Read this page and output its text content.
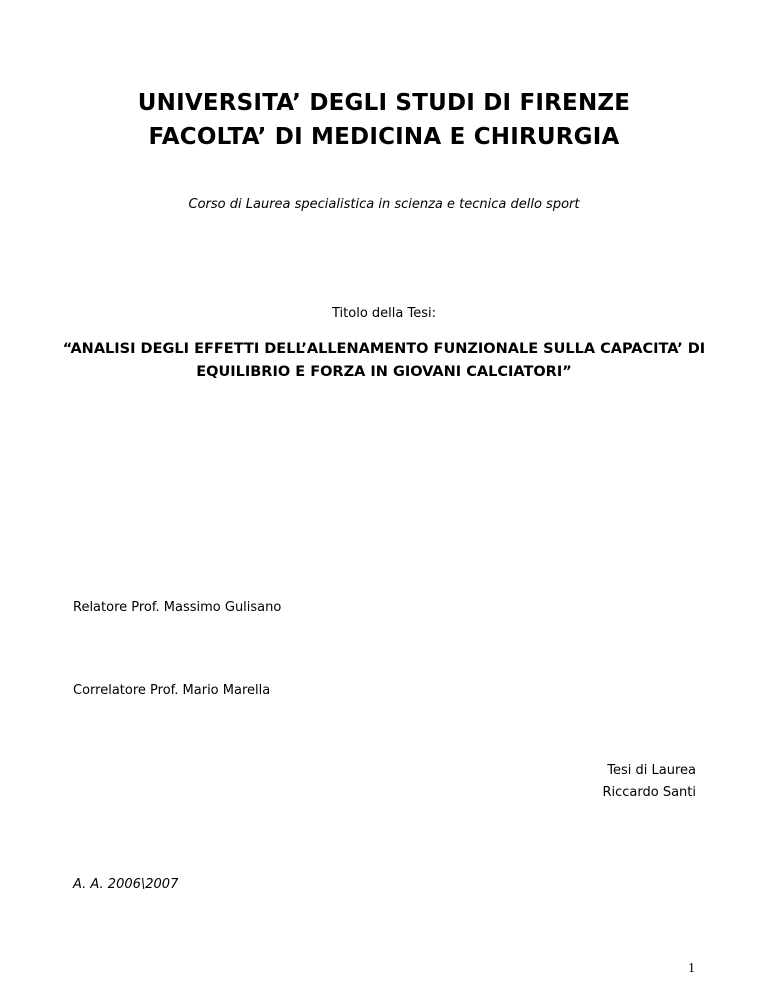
UNIVERSITA’ DEGLI STUDI DI FIRENZE
FACOLTA’ DI MEDICINA E CHIRURGIA
Corso di Laurea specialistica in scienza e tecnica dello sport
Titolo della Tesi:
“ANALISI DEGLI EFFETTI DELL’ALLENAMENTO FUNZIONALE SULLA CAPACITA’ DI EQUILIBRIO E FORZA IN GIOVANI CALCIATORI”
Relatore Prof. Massimo Gulisano
Correlatore Prof. Mario Marella
Tesi di Laurea
Riccardo Santi
A. A. 2006\2007
1
